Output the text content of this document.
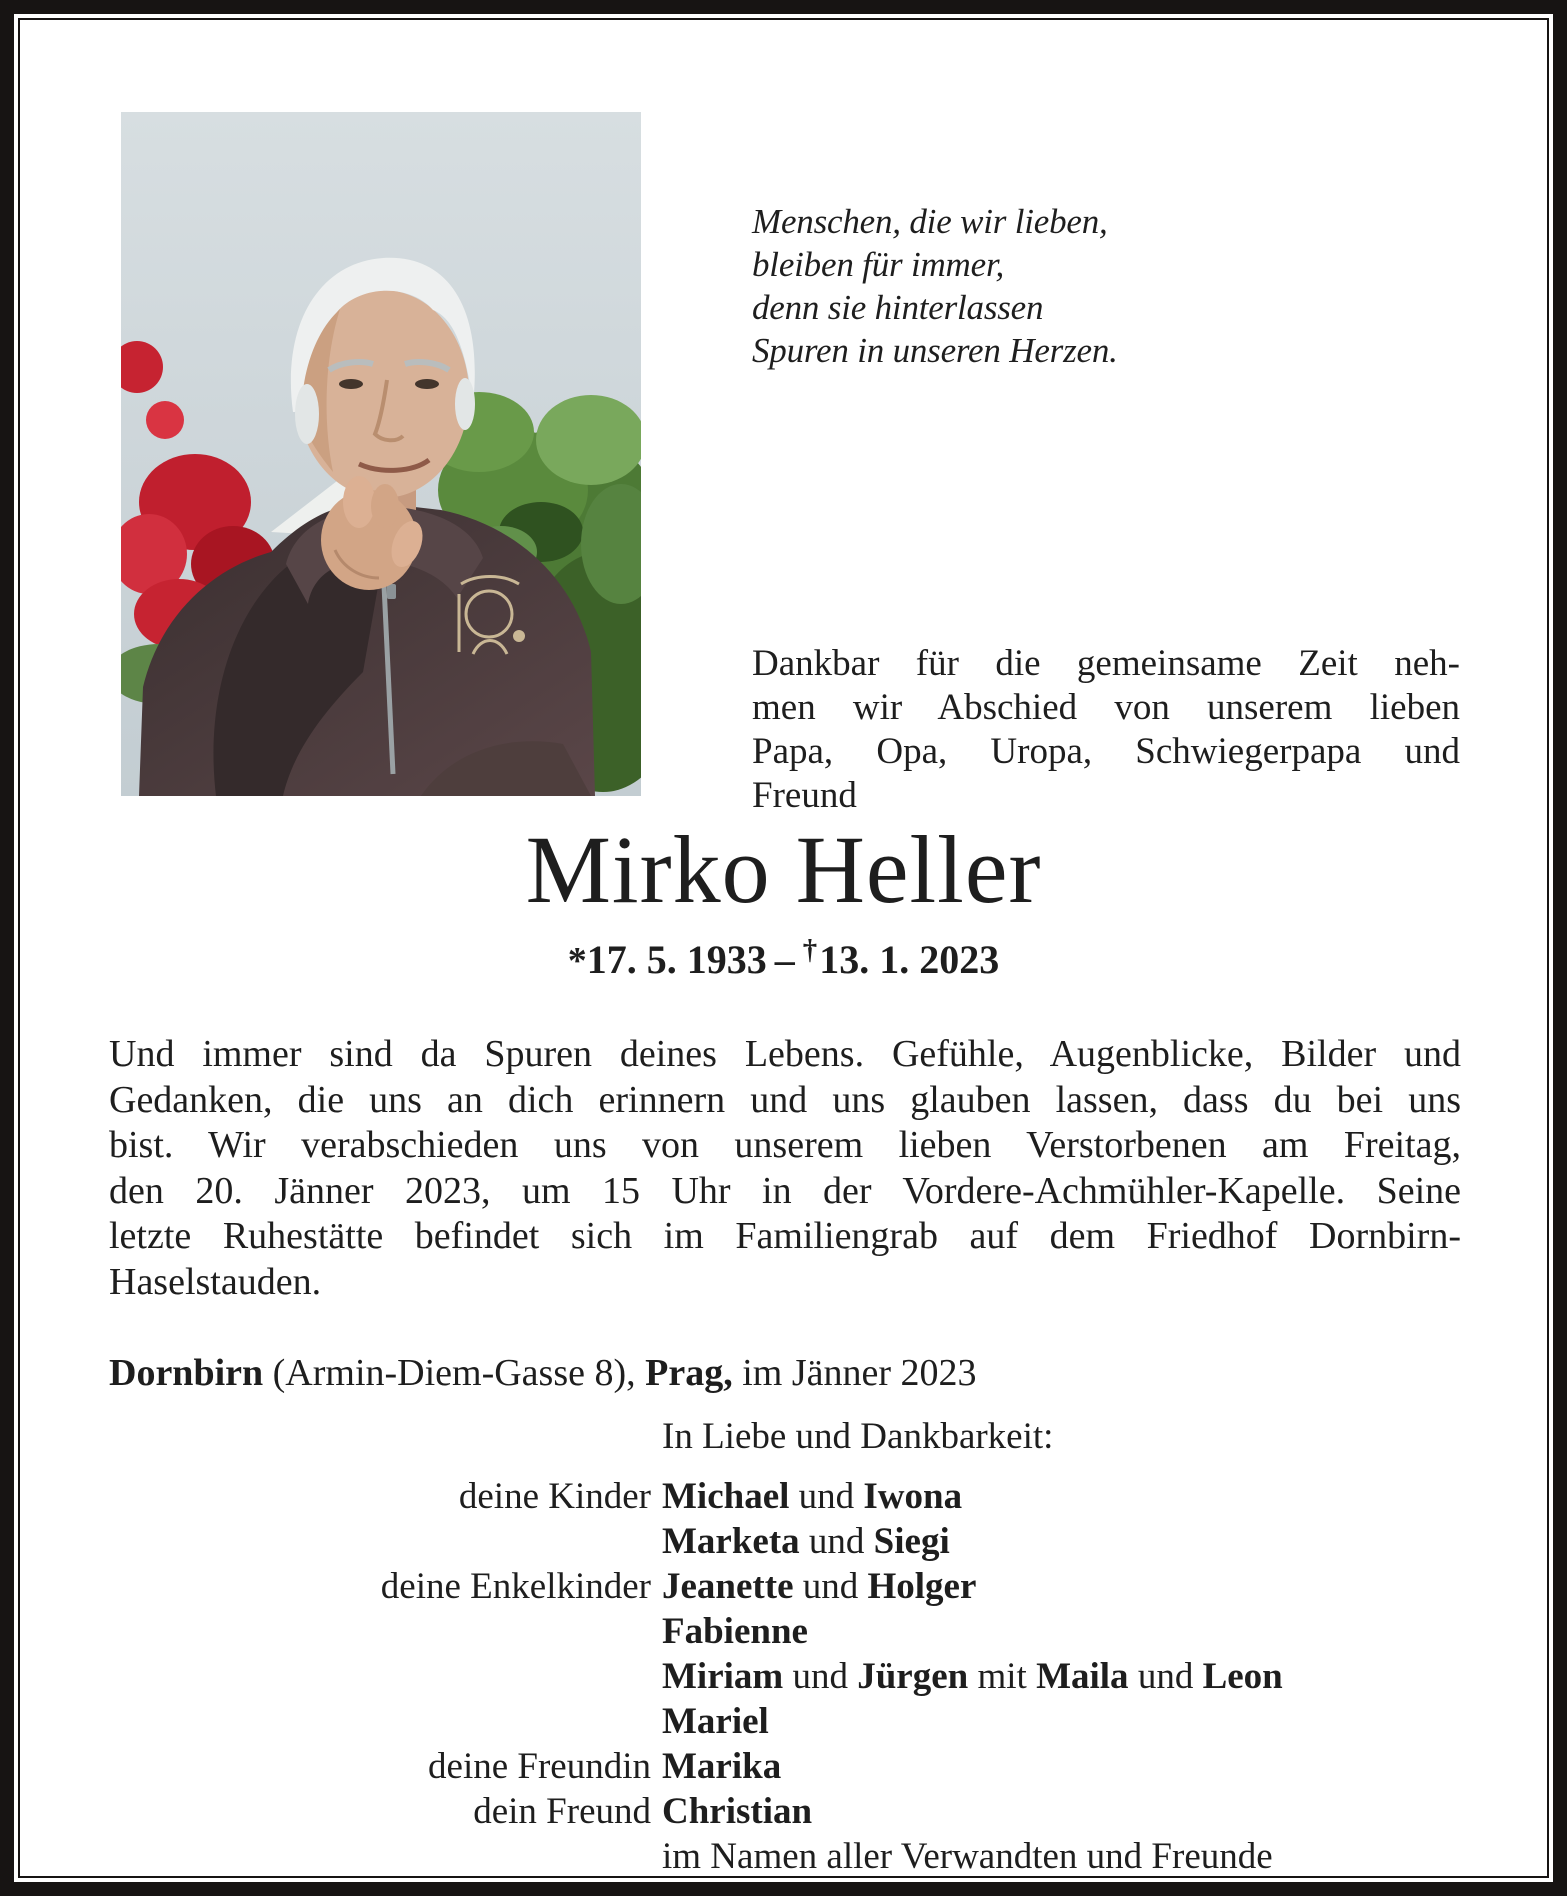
Menschen, die wir lieben,
bleiben für immer,
denn sie hinterlassen
Spuren in unseren Herzen.
Dankbar für die gemeinsame Zeit neh-
men wir Abschied von unserem lieben
Papa, Opa, Uropa, Schwiegerpapa und
Freund
Mirko Heller
*17. 5. 1933 – †13. 1. 2023
Und immer sind da Spuren deines Lebens. Gefühle, Augenblicke, Bilder und
Gedanken, die uns an dich erinnern und uns glauben lassen, dass du bei uns
bist. Wir verabschieden uns von unserem lieben Verstorbenen am Freitag,
den 20. Jänner 2023, um 15 Uhr in der Vordere-Achmühler-Kapelle. Seine
letzte Ruhestätte befindet sich im Familiengrab auf dem Friedhof Dornbirn-
Haselstauden.
Dornbirn (Armin-Diem-Gasse 8), Prag, im Jänner 2023
In Liebe und Dankbarkeit:
deine Kinder Michael und Iwona
Marketa und Siegi
deine Enkelkinder Jeanette und Holger
Fabienne
Miriam und Jürgen mit Maila und Leon
Mariel
deine Freundin Marika
dein Freund Christian
im Namen aller Verwandten und Freunde
